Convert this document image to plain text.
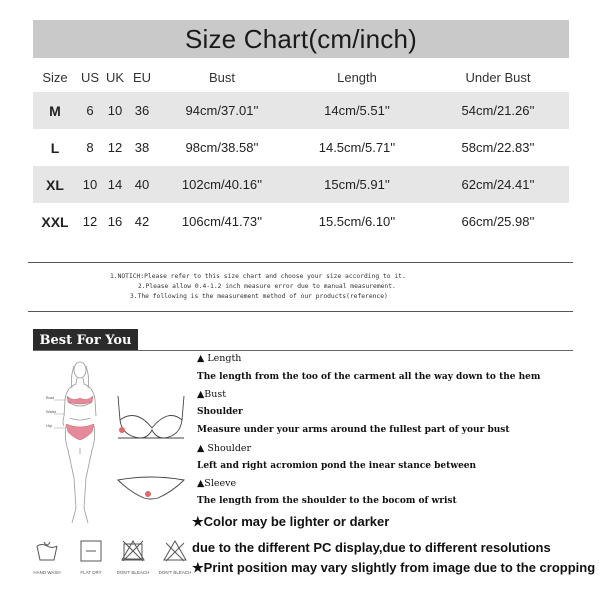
Size Chart(cm/inch)
Size	US	UK	EU	Bust	Length	Under Bust
M	6	10	36	94cm/37.01''	14cm/5.51''	54cm/21.26''
L	8	12	38	98cm/38.58''	14.5cm/5.71''	58cm/22.83''
XL	10	14	40	102cm/40.16''	15cm/5.91''	62cm/24.41''
XXL	12	16	42	106cm/41.73''	15.5cm/6.10''	66cm/25.98''
1.NOTICH:Please refer to this size chart and choose your size according to it.
2.Please allow 0.4-1.2 inch measure error due to manual measurement.
3.The following is the measurement method of our products(reference)
Best For You
Bust
Waist
Hip
▲ Length
The length from the too of the carment all the way down to the hem
▲Bust
Shoulder
Measure under your arms around the fullest part of your bust
▲ Shoulder
Left and right acromion pond the inear stance between
▲Sleeve
The length from the shoulder to the bocom of wrist
★Color may be lighter or darker
due to the different PC display,due to different resolutions
★Print position may vary slightly from image due to the cropping
HAND WASH	FLAT DRY	DON'T BLEACH	DON'T BLEACH
